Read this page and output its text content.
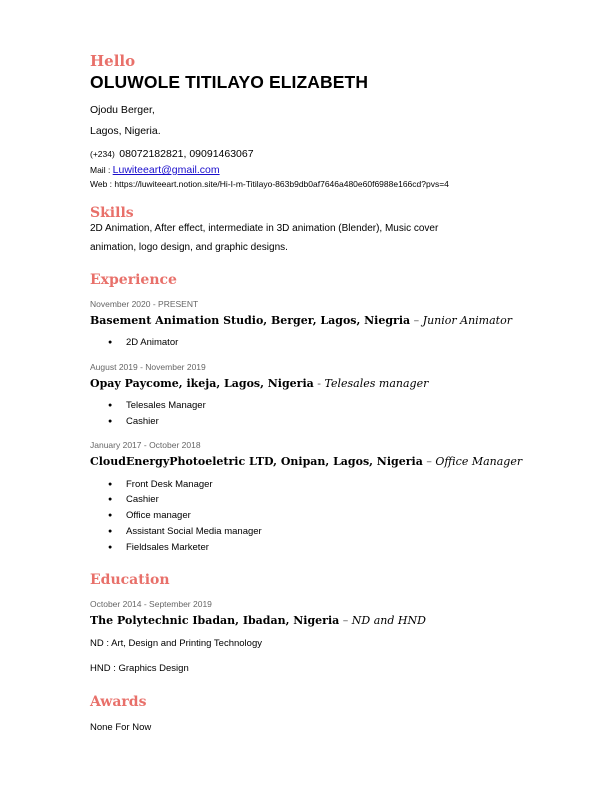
Hello
OLUWOLE TITILAYO ELIZABETH
Ojodu Berger,
Lagos, Nigeria.
(+234) 08072182821, 09091463067
Mail : Luwiteeart@gmail.com
Web : https://luwiteeart.notion.site/Hi-I-m-Titilayo-863b9db0af7646a480e60f6988e166cd?pvs=4
Skills
2D Animation, After effect, intermediate in 3D animation (Blender), Music cover
animation, logo design, and graphic designs.
Experience
November 2020 - PRESENT
Basement Animation Studio, Berger, Lagos, Niegria – Junior Animator
● 2D Animator
August 2019 - November 2019
Opay Paycome, ikeja, Lagos, Nigeria - Telesales manager
● Telesales Manager
● Cashier
January 2017 - October 2018
CloudEnergyPhotoeletric LTD, Onipan, Lagos, Nigeria – Office Manager
● Front Desk Manager
● Cashier
● Office manager
● Assistant Social Media manager
● Fieldsales Marketer
Education
October 2014 - September 2019
The Polytechnic Ibadan, Ibadan, Nigeria – ND and HND
ND : Art, Design and Printing Technology
HND : Graphics Design
Awards
None For Now
